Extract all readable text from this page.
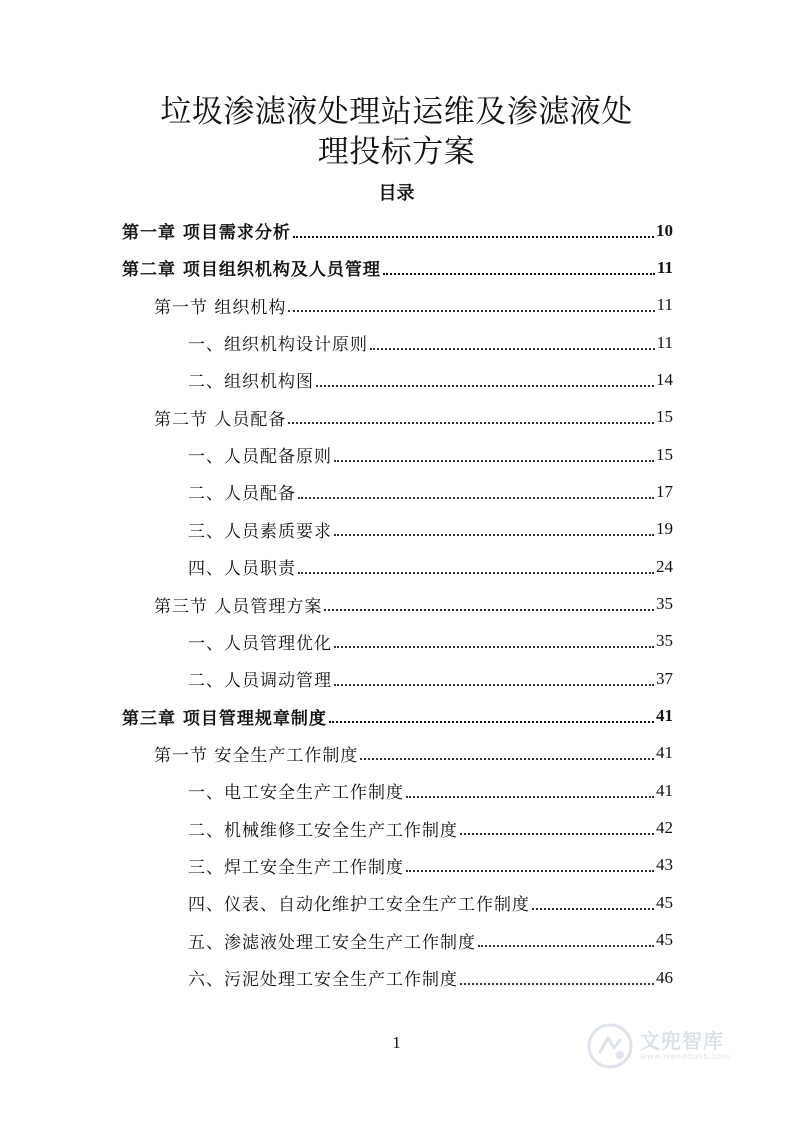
垃圾渗滤液处理站运维及渗滤液处
理投标方案
目录
第一章 项目需求分析	10
第二章 项目组织机构及人员管理	11
第一节 组织机构	11
一、组织机构设计原则	11
二、组织机构图	14
第二节 人员配备	15
一、人员配备原则	15
二、人员配备	17
三、人员素质要求	19
四、人员职责	24
第三节 人员管理方案	35
一、人员管理优化	35
二、人员调动管理	37
第三章 项目管理规章制度	41
第一节 安全生产工作制度	41
一、电工安全生产工作制度	41
二、机械维修工安全生产工作制度	42
三、焊工安全生产工作制度	43
四、仪表、自动化维护工安全生产工作制度	45
五、渗滤液处理工安全生产工作制度	45
六、污泥处理工安全生产工作制度	46

1	文兜智库
www.wendoulib.com
